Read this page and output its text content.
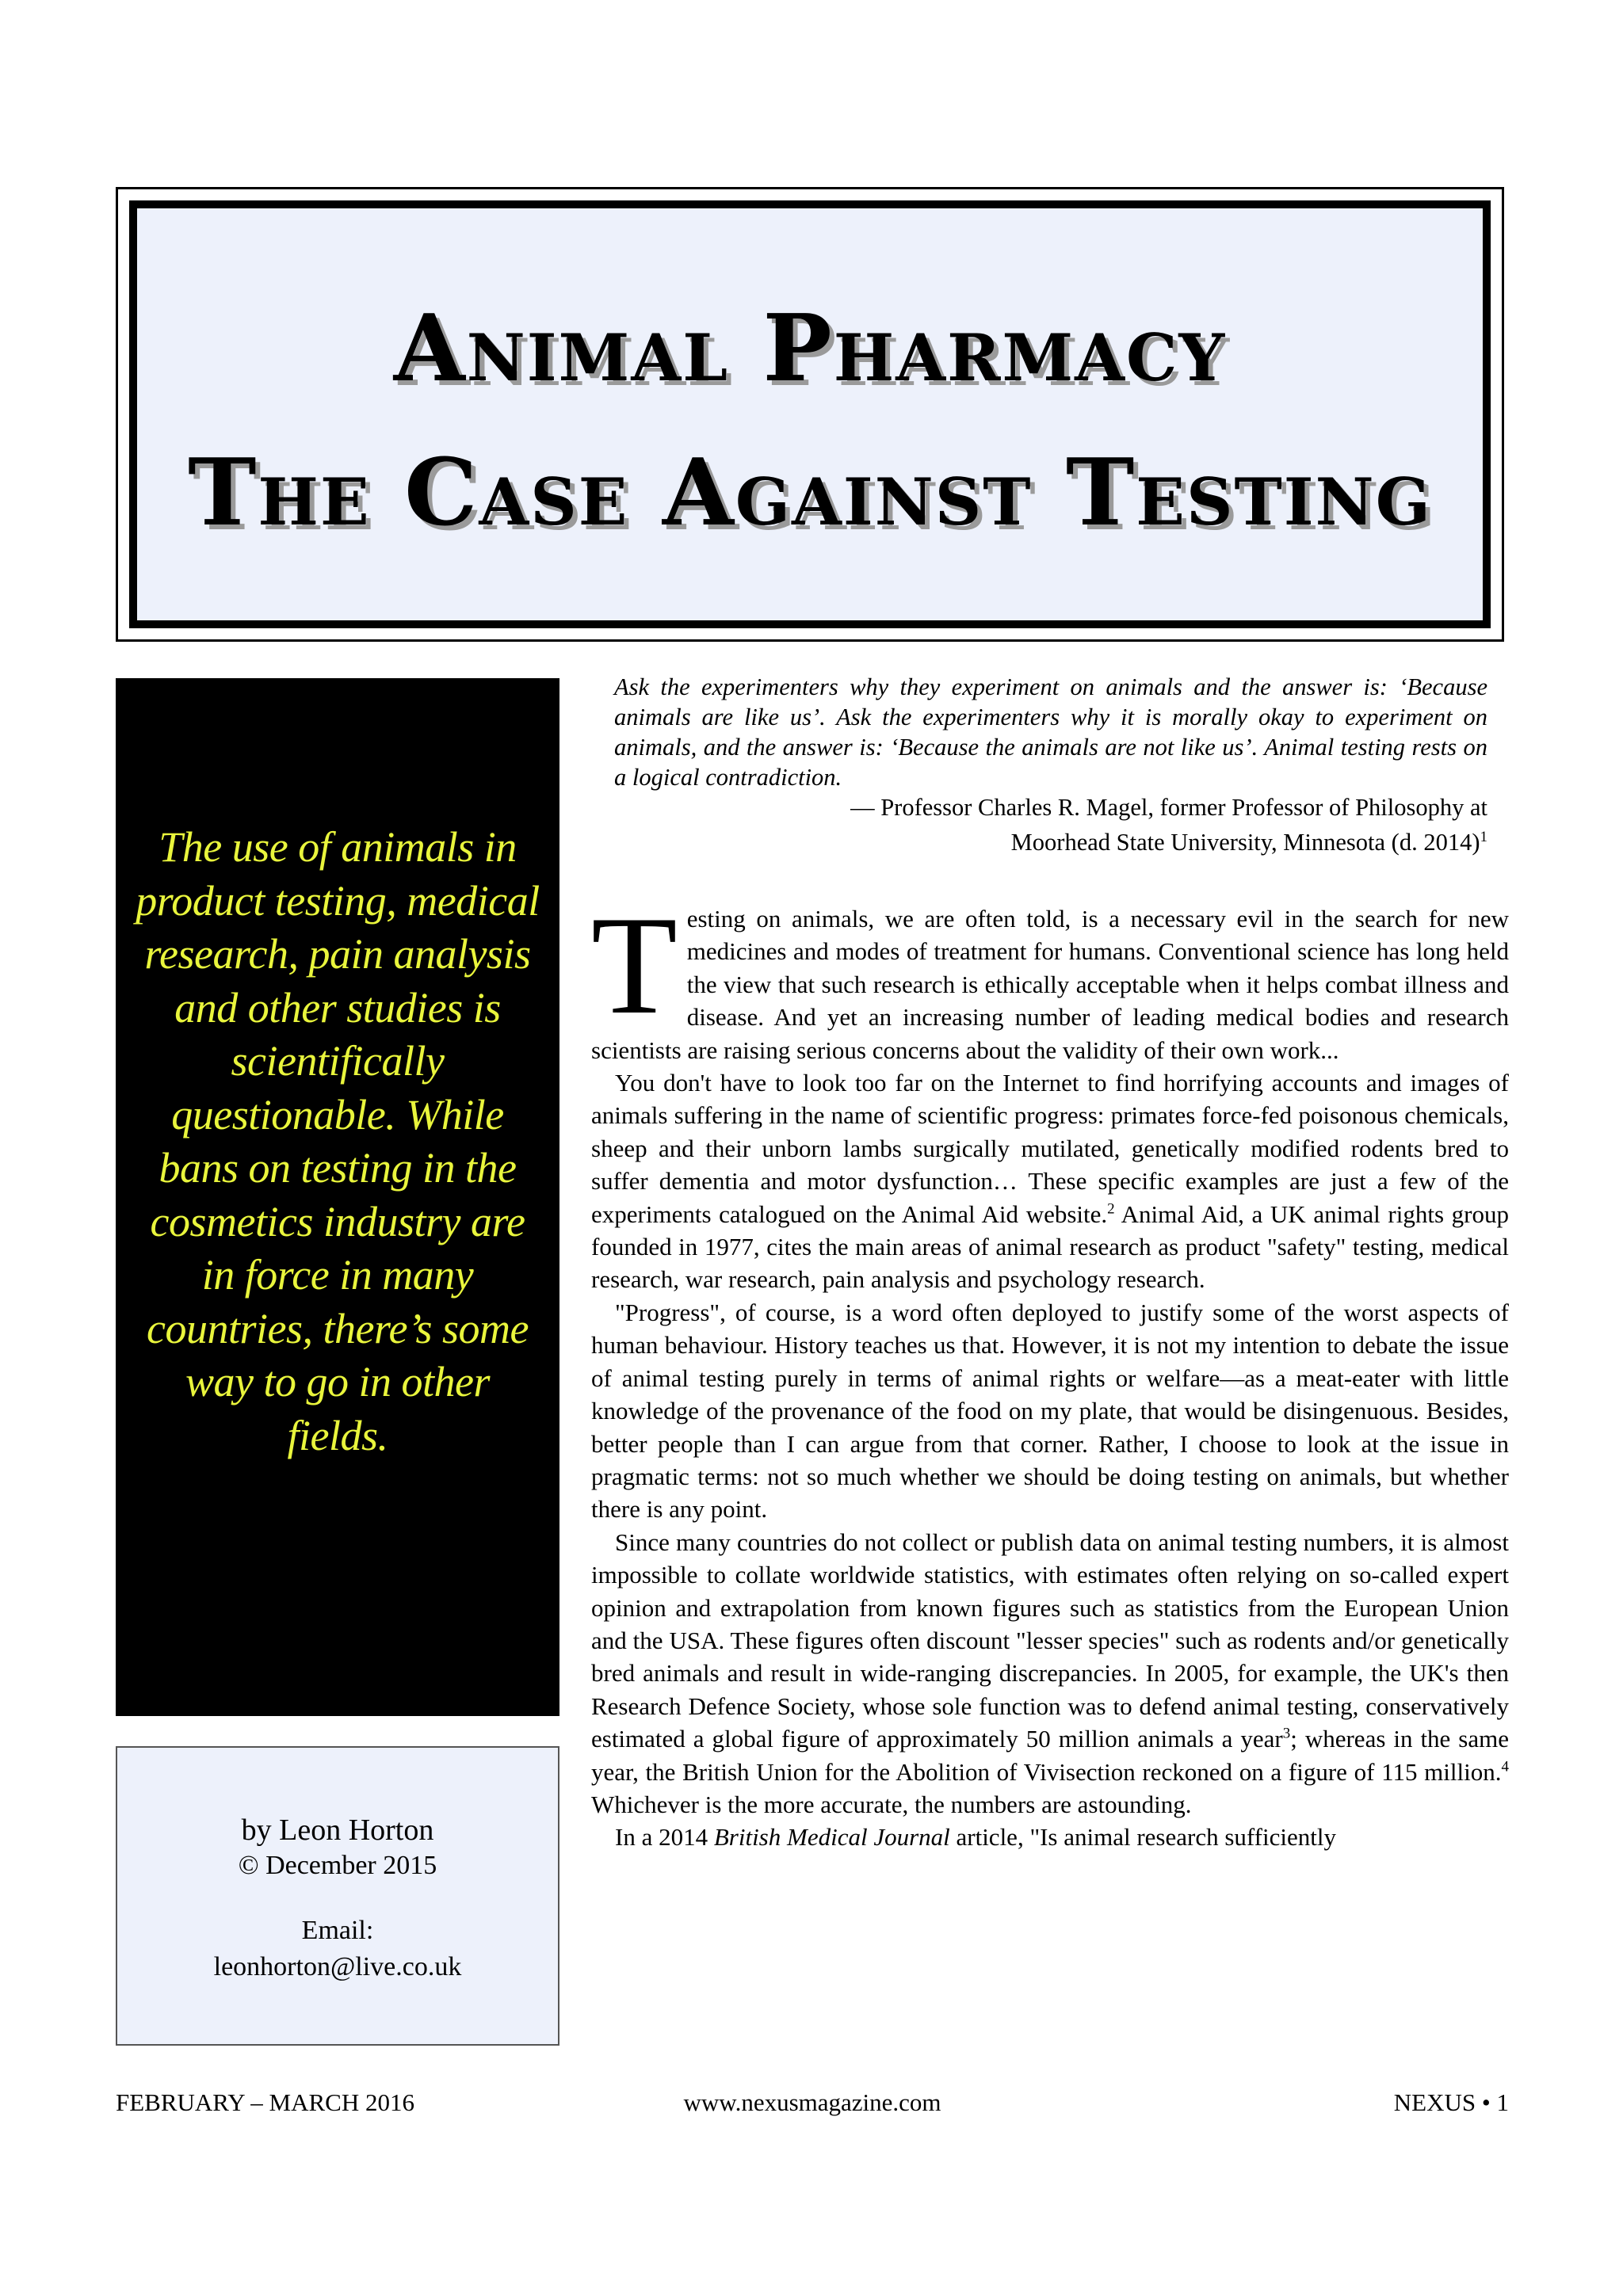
Animal Pharmacy
The Case Against Testing
The use of animals in product testing, medical research, pain analysis and other studies is scientifically questionable. While bans on testing in the cosmetics industry are in force in many countries, there’s some way to go in other fields.
by Leon Horton
© December 2015
Email:
leonhorton@live.co.uk

Ask the experimenters why they experiment on animals and the answer is: ‘Because animals are like us’. Ask the experimenters why it is morally okay to experiment on animals, and the answer is: ‘Because the animals are not like us’. Animal testing rests on a logical contradiction.

— Professor Charles R. Magel, former Professor of Philosophy at

Moorhead State University, Minnesota (d. 2014)$^1$

Testing on animals, we are often told, is a necessary evil in the search for new medicines and modes of treatment for humans. Conventional science has long held the view that such research is ethically acceptable when it helps combat illness and disease. And yet an increasing number of leading medical bodies and research scientists are raising serious concerns about the validity of their own work...

You don't have to look too far on the Internet to find horrifying accounts and images of animals suffering in the name of scientific progress: primates force-fed poisonous chemicals, sheep and their unborn lambs surgically mutilated, genetically modified rodents bred to suffer dementia and motor dysfunction… These specific examples are just a few of the experiments catalogued on the Animal Aid website.$^2$ Animal Aid, a UK animal rights group founded in 1977, cites the main areas of animal research as product "safety" testing, medical research, war research, pain analysis and psychology research.

"Progress", of course, is a word often deployed to justify some of the worst aspects of human behaviour. History teaches us that. However, it is not my intention to debate the issue of animal testing purely in terms of animal rights or welfare—as a meat-eater with little knowledge of the provenance of the food on my plate, that would be disingenuous. Besides, better people than I can argue from that corner. Rather, I choose to look at the issue in pragmatic terms: not so much whether we should be doing testing on animals, but whether there is any point.

Since many countries do not collect or publish data on animal testing numbers, it is almost impossible to collate worldwide statistics, with estimates often relying on so-called expert opinion and extrapolation from known figures such as statistics from the European Union and the USA. These figures often discount "lesser species" such as rodents and/or genetically bred animals and result in wide-ranging discrepancies. In 2005, for example, the UK's then Research Defence Society, whose sole function was to defend animal testing, conservatively estimated a global figure of approximately 50 million animals a year$^3$; whereas in the same year, the British Union for the Abolition of Vivisection reckoned on a figure of 115 million.$^4$ Whichever is the more accurate, the numbers are astounding.

In a 2014 British Medical Journal article, "Is animal research sufficiently

FEBRUARY – MARCH 2016	www.nexusmagazine.com	NEXUS • 1
